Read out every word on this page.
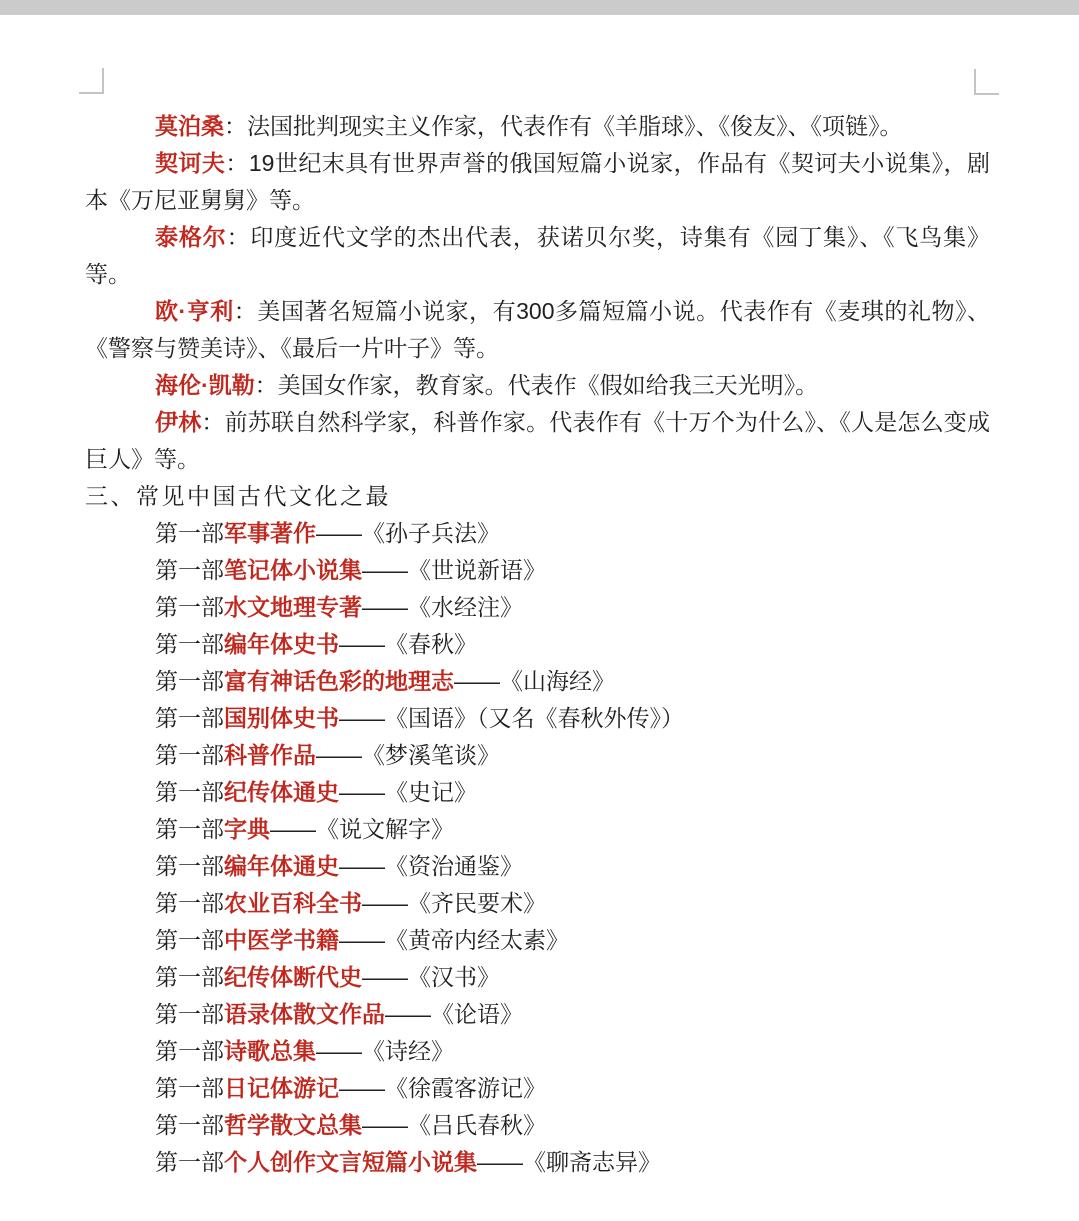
莫泊桑：法国批判现实主义作家，代表作有《羊脂球》、《俊友》、《项链》。

契诃夫：19世纪末具有世界声誉的俄国短篇小说家，作品有《契诃夫小说集》，剧本《万尼亚舅舅》等。

泰格尔：印度近代文学的杰出代表，获诺贝尔奖，诗集有《园丁集》、《飞鸟集》等。

欧·亨利：美国著名短篇小说家，有300多篇短篇小说。代表作有《麦琪的礼物》、《警察与赞美诗》、《最后一片叶子》等。

海伦·凯勒：美国女作家，教育家。代表作《假如给我三天光明》。

伊林：前苏联自然科学家，科普作家。代表作有《十万个为什么》、《人是怎么变成巨人》等。

三、常见中国古代文化之最

第一部军事著作——《孙子兵法》

第一部笔记体小说集——《世说新语》

第一部水文地理专著——《水经注》

第一部编年体史书——《春秋》

第一部富有神话色彩的地理志——《山海经》

第一部国别体史书——《国语》（又名《春秋外传》）

第一部科普作品——《梦溪笔谈》

第一部纪传体通史——《史记》

第一部字典——《说文解字》

第一部编年体通史——《资治通鉴》

第一部农业百科全书——《齐民要术》

第一部中医学书籍——《黄帝内经太素》

第一部纪传体断代史——《汉书》

第一部语录体散文作品——《论语》

第一部诗歌总集——《诗经》

第一部日记体游记——《徐霞客游记》

第一部哲学散文总集——《吕氏春秋》

第一部个人创作文言短篇小说集——《聊斋志异》
